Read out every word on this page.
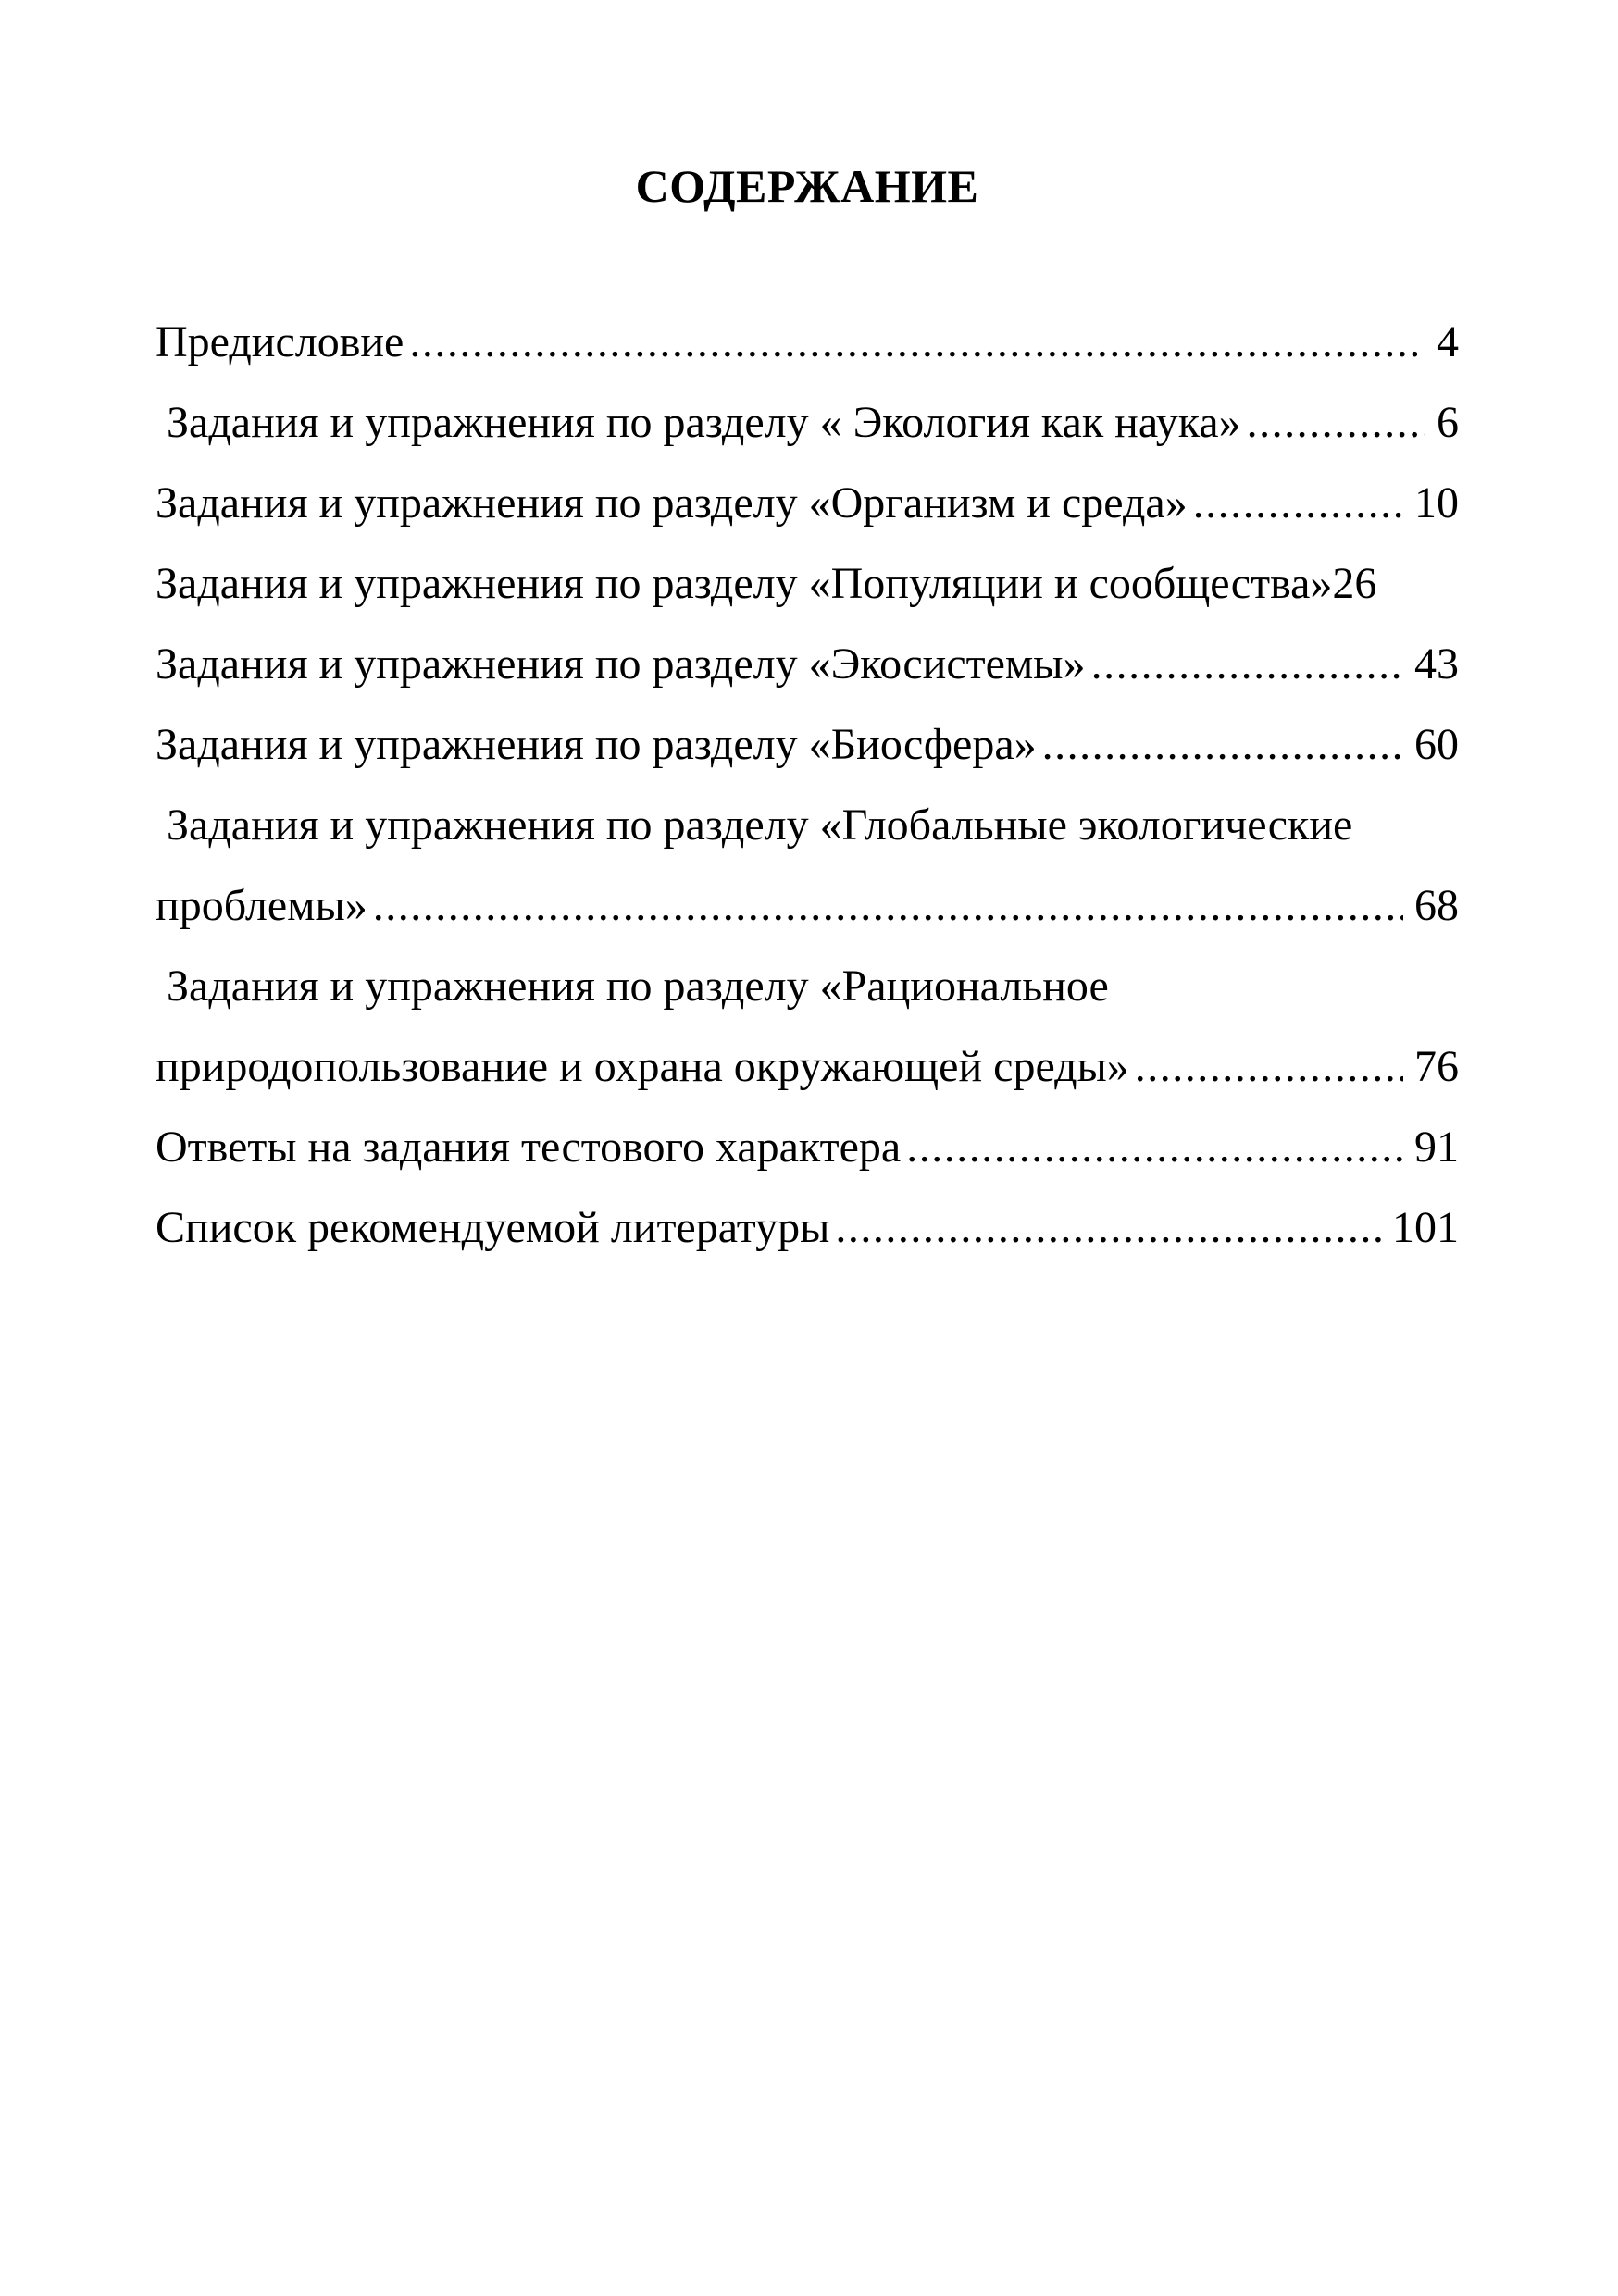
СОДЕРЖАНИЕ
Предисловие .....	4
Задания и упражнения по разделу « Экология как наука» .....	6
Задания и упражнения по разделу «Организм и среда» .....	10
Задания и упражнения по разделу «Популяции и сообщества» 26
Задания и упражнения по разделу «Экосистемы» .....	43
Задания и упражнения по разделу «Биосфера» .....	60
Задания и упражнения по разделу «Глобальные экологические
проблемы» .....	68
Задания и упражнения по разделу «Рациональное
природопользование и охрана окружающей среды» .....	76
Ответы на задания тестового характера .....	91
Список рекомендуемой литературы .....	101
